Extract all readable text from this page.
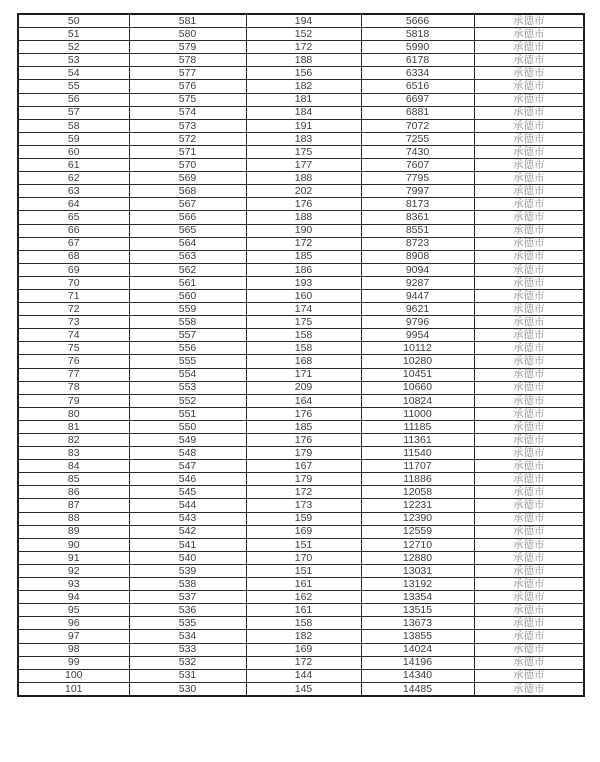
50	581	194	5666	承德市
51	580	152	5818	承德市
52	579	172	5990	承德市
53	578	188	6178	承德市
54	577	156	6334	承德市
55	576	182	6516	承德市
56	575	181	6697	承德市
57	574	184	6881	承德市
58	573	191	7072	承德市
59	572	183	7255	承德市
60	571	175	7430	承德市
61	570	177	7607	承德市
62	569	188	7795	承德市
63	568	202	7997	承德市
64	567	176	8173	承德市
65	566	188	8361	承德市
66	565	190	8551	承德市
67	564	172	8723	承德市
68	563	185	8908	承德市
69	562	186	9094	承德市
70	561	193	9287	承德市
71	560	160	9447	承德市
72	559	174	9621	承德市
73	558	175	9796	承德市
74	557	158	9954	承德市
75	556	158	10112	承德市
76	555	168	10280	承德市
77	554	171	10451	承德市
78	553	209	10660	承德市
79	552	164	10824	承德市
80	551	176	11000	承德市
81	550	185	11185	承德市
82	549	176	11361	承德市
83	548	179	11540	承德市
84	547	167	11707	承德市
85	546	179	11886	承德市
86	545	172	12058	承德市
87	544	173	12231	承德市
88	543	159	12390	承德市
89	542	169	12559	承德市
90	541	151	12710	承德市
91	540	170	12880	承德市
92	539	151	13031	承德市
93	538	161	13192	承德市
94	537	162	13354	承德市
95	536	161	13515	承德市
96	535	158	13673	承德市
97	534	182	13855	承德市
98	533	169	14024	承德市
99	532	172	14196	承德市
100	531	144	14340	承德市
101	530	145	14485	承德市
